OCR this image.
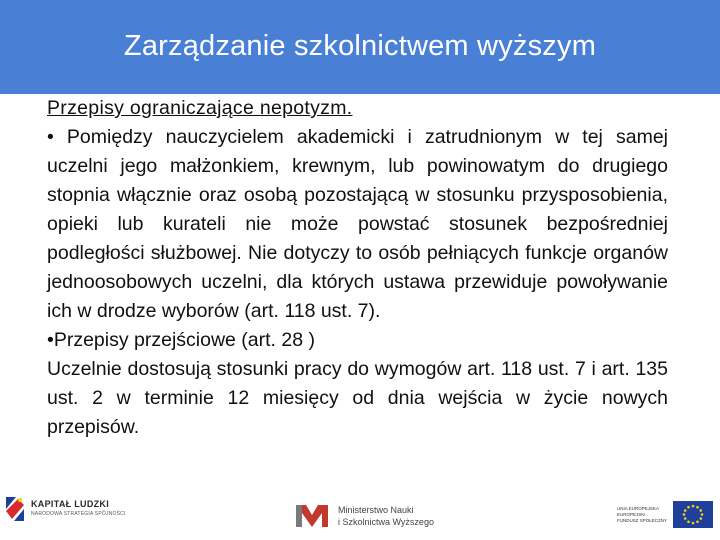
Zarządzanie szkolnictwem wyższym

Przepisy ograniczające nepotyzm.

• Pomiędzy nauczycielem akademicki i zatrudnionym w tej samej uczelni jego małżonkiem, krewnym, lub powinowatym do drugiego stopnia włącznie oraz osobą pozostającą w stosunku przysposobienia, opieki lub kurateli nie może powstać stosunek bezpośredniej podległości służbowej. Nie dotyczy to osób pełniących funkcje organów jednoosobowych uczelni, dla których ustawa przewiduje powoływanie ich w drodze wyborów (art. 118 ust. 7).

•Przepisy przejściowe (art. 28 )

Uczelnie dostosują stosunki pracy do wymogów art. 118 ust. 7 i art. 135 ust. 2 w terminie 12 miesięcy od dnia wejścia w życie nowych przepisów.

KAPITAŁ LUDZKI
NARODOWA STRATEGIA SPÓJNOŚCI	Ministerstwo Nauki
i Szkolnictwa Wyższego
UNIA EUROPEJSKA
EUROPEJSKI
FUNDUSZ SPOŁECZNY
